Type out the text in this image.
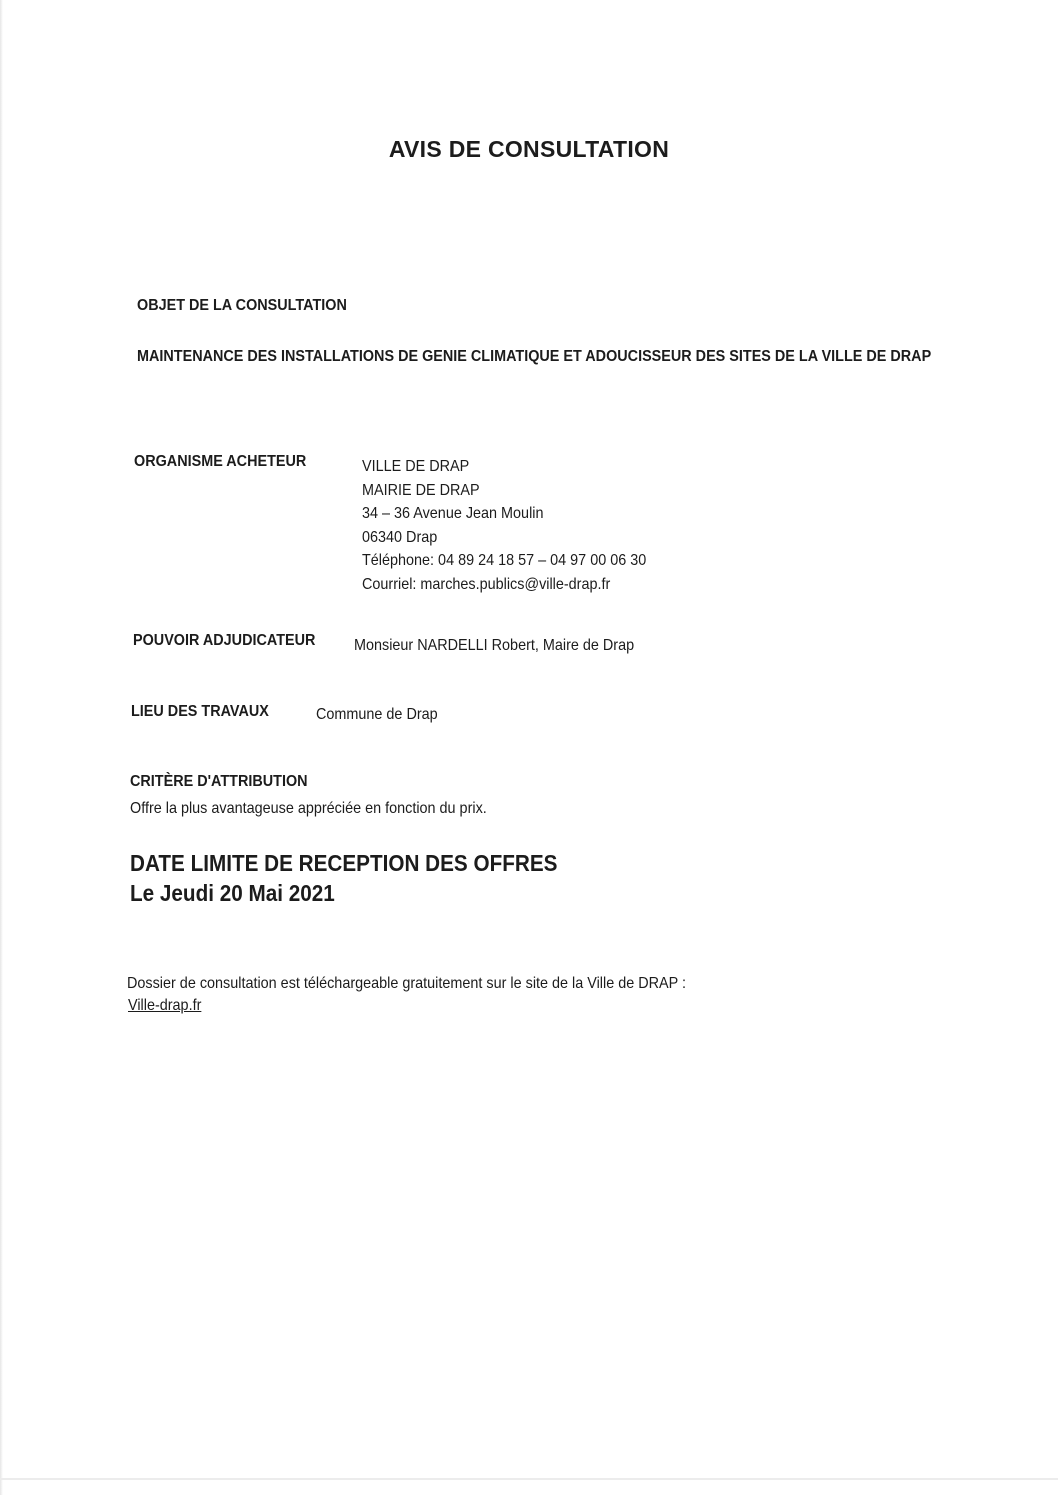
AVIS DE CONSULTATION
OBJET DE LA CONSULTATION
MAINTENANCE DES INSTALLATIONS DE GENIE CLIMATIQUE ET ADOUCISSEUR DES SITES DE LA VILLE DE DRAP
ORGANISME ACHETEUR	VILLE DE DRAP
MAIRIE DE DRAP
34 – 36 Avenue Jean Moulin
06340 Drap
Téléphone: 04 89 24 18 57 – 04 97 00 06 30
Courriel: marches.publics@ville-drap.fr
POUVOIR ADJUDICATEUR Monsieur NARDELLI Robert, Maire de Drap
LIEU DES TRAVAUX	Commune de Drap
CRITÈRE D'ATTRIBUTION
Offre la plus avantageuse appréciée en fonction du prix.
DATE LIMITE DE RECEPTION DES OFFRES
Le Jeudi 20 Mai 2021
Dossier de consultation est téléchargeable gratuitement sur le site de la Ville de DRAP :
Ville-drap.fr
